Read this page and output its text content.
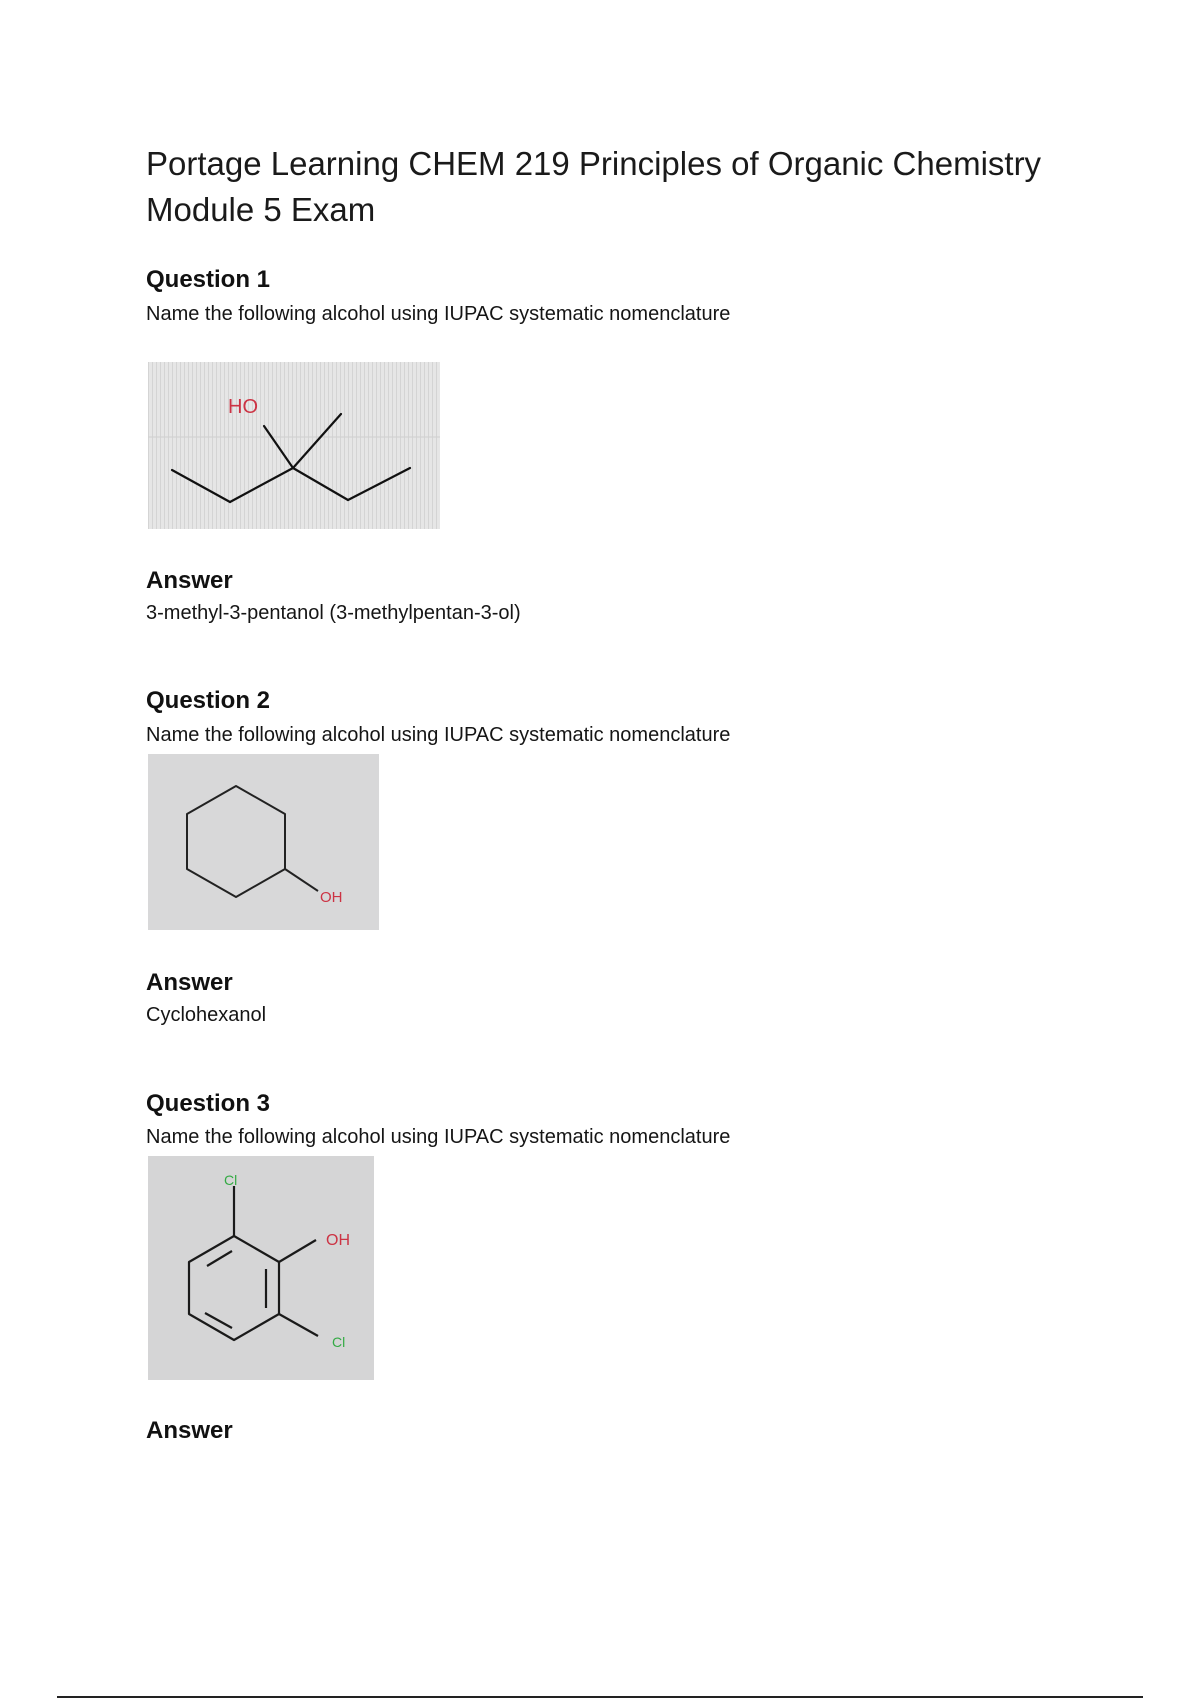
Portage Learning CHEM 219 Principles of Organic Chemistry Module 5 Exam
Question 1

Name the following alcohol using IUPAC systematic nomenclature

HO
Answer

3-methyl-3-pentanol (3-methylpentan-3-ol)

Question 2

Name the following alcohol using IUPAC systematic nomenclature

OH
Answer

Cyclohexanol

Question 3

Name the following alcohol using IUPAC systematic nomenclature

Cl
OH
Cl
Answer
